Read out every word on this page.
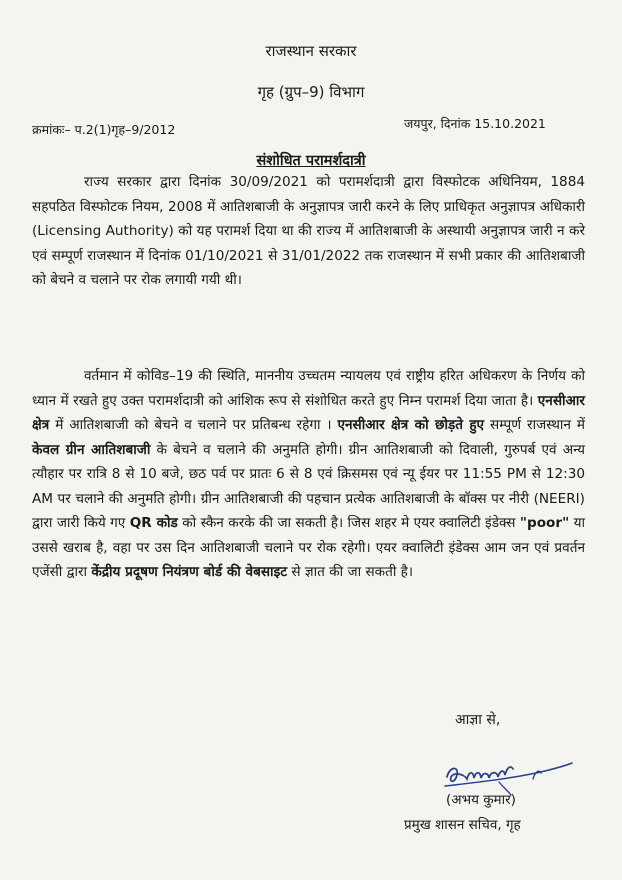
राजस्थान सरकार
गृह (ग्रुप–9) विभाग
क्रमांकः– प.2(1)गृह–9/2012	जयपुर, दिनांक 15.10.2021
संशोधित परामर्शदात्री
राज्य सरकार द्वारा दिनांक 30/09/2021 को परामर्शदात्री द्वारा विस्फोटक अधिनियम, 1884 सहपठित विस्फोटक नियम, 2008 में आतिशबाजी के अनुज्ञापत्र जारी करने के लिए प्राधिकृत अनुज्ञापत्र अधिकारी (Licensing Authority) को यह परामर्श दिया था की राज्य में आतिशबाजी के अस्थायी अनुज्ञापत्र जारी न करे एवं सम्पूर्ण राजस्थान में दिनांक 01/10/2021 से 31/01/2022 तक राजस्थान में सभी प्रकार की आतिशबाजी को बेचने व चलाने पर रोक लगायी गयी थी।
वर्तमान में कोविड–19 की स्थिति, माननीय उच्चतम न्यायलय एवं राष्ट्रीय हरित अधिकरण के निर्णय को ध्यान में रखते हुए उक्त परामर्शदात्री को आंशिक रूप से संशोधित करते हुए निम्न परामर्श दिया जाता है। एनसीआर क्षेत्र में आतिशबाजी को बेचने व चलाने पर प्रतिबन्ध रहेगा । एनसीआर क्षेत्र को छोड़ते हुए सम्पूर्ण राजस्थान में केवल ग्रीन आतिशबाजी के बेचने व चलाने की अनुमति होगी। ग्रीन आतिशबाजी को दिवाली, गुरुपर्ब एवं अन्य त्यौहार पर रात्रि 8 से 10 बजे, छठ पर्व पर प्रातः 6 से 8 एवं क्रिसमस एवं न्यू ईयर पर 11:55 PM से 12:30 AM पर चलाने की अनुमति होगी। ग्रीन आतिशबाजी की पहचान प्रत्येक आतिशबाजी के बॉक्स पर नीरी (NEERI) द्वारा जारी किये गए QR कोड को स्कैन करके की जा सकती है। जिस शहर मे एयर क्वालिटी इंडेक्स "poor" या उससे खराब है, वहा पर उस दिन आतिशबाजी चलाने पर रोक रहेगी। एयर क्वालिटी इंडेक्स आम जन एवं प्रवर्तन एजेंसी द्वारा केंद्रीय प्रदूषण नियंत्रण बोर्ड की वेबसाइट से ज्ञात की जा सकती है।
आज्ञा से,
(अभय कुमार)
प्रमुख शासन सचिव, गृह
